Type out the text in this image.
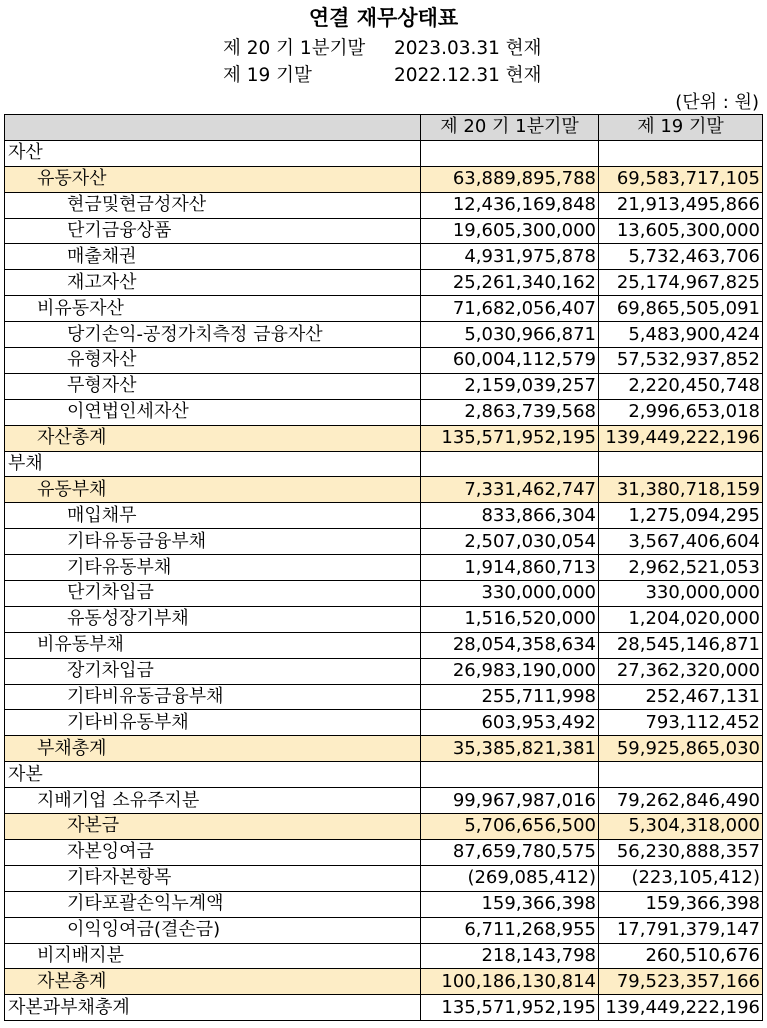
연결 재무상태표
제 20 기 1분기말 2023.03.31 현재
제 19 기말	2022.12.31 현재
(단위 : 원)
	제 20 기 1분기말	제 19 기말
자산		
유동자산	63,889,895,788	69,583,717,105
현금및현금성자산	12,436,169,848	21,913,495,866
단기금융상품	19,605,300,000	13,605,300,000
매출채권	4,931,975,878	5,732,463,706
재고자산	25,261,340,162	25,174,967,825
비유동자산	71,682,056,407	69,865,505,091
당기손익-공정가치측정 금융자산	5,030,966,871	5,483,900,424
유형자산	60,004,112,579	57,532,937,852
무형자산	2,159,039,257	2,220,450,748
이연법인세자산	2,863,739,568	2,996,653,018
자산총계	135,571,952,195	139,449,222,196
부채		
유동부채	7,331,462,747	31,380,718,159
매입채무	833,866,304	1,275,094,295
기타유동금융부채	2,507,030,054	3,567,406,604
기타유동부채	1,914,860,713	2,962,521,053
단기차입금	330,000,000	330,000,000
유동성장기부채	1,516,520,000	1,204,020,000
비유동부채	28,054,358,634	28,545,146,871
장기차입금	26,983,190,000	27,362,320,000
기타비유동금융부채	255,711,998	252,467,131
기타비유동부채	603,953,492	793,112,452
부채총계	35,385,821,381	59,925,865,030
자본		
지배기업 소유주지분	99,967,987,016	79,262,846,490
자본금	5,706,656,500	5,304,318,000
자본잉여금	87,659,780,575	56,230,888,357
기타자본항목	(269,085,412)	(223,105,412)
기타포괄손익누계액	159,366,398	159,366,398
이익잉여금(결손금)	6,711,268,955	17,791,379,147
비지배지분	218,143,798	260,510,676
자본총계	100,186,130,814	79,523,357,166
자본과부채총계	135,571,952,195	139,449,222,196
